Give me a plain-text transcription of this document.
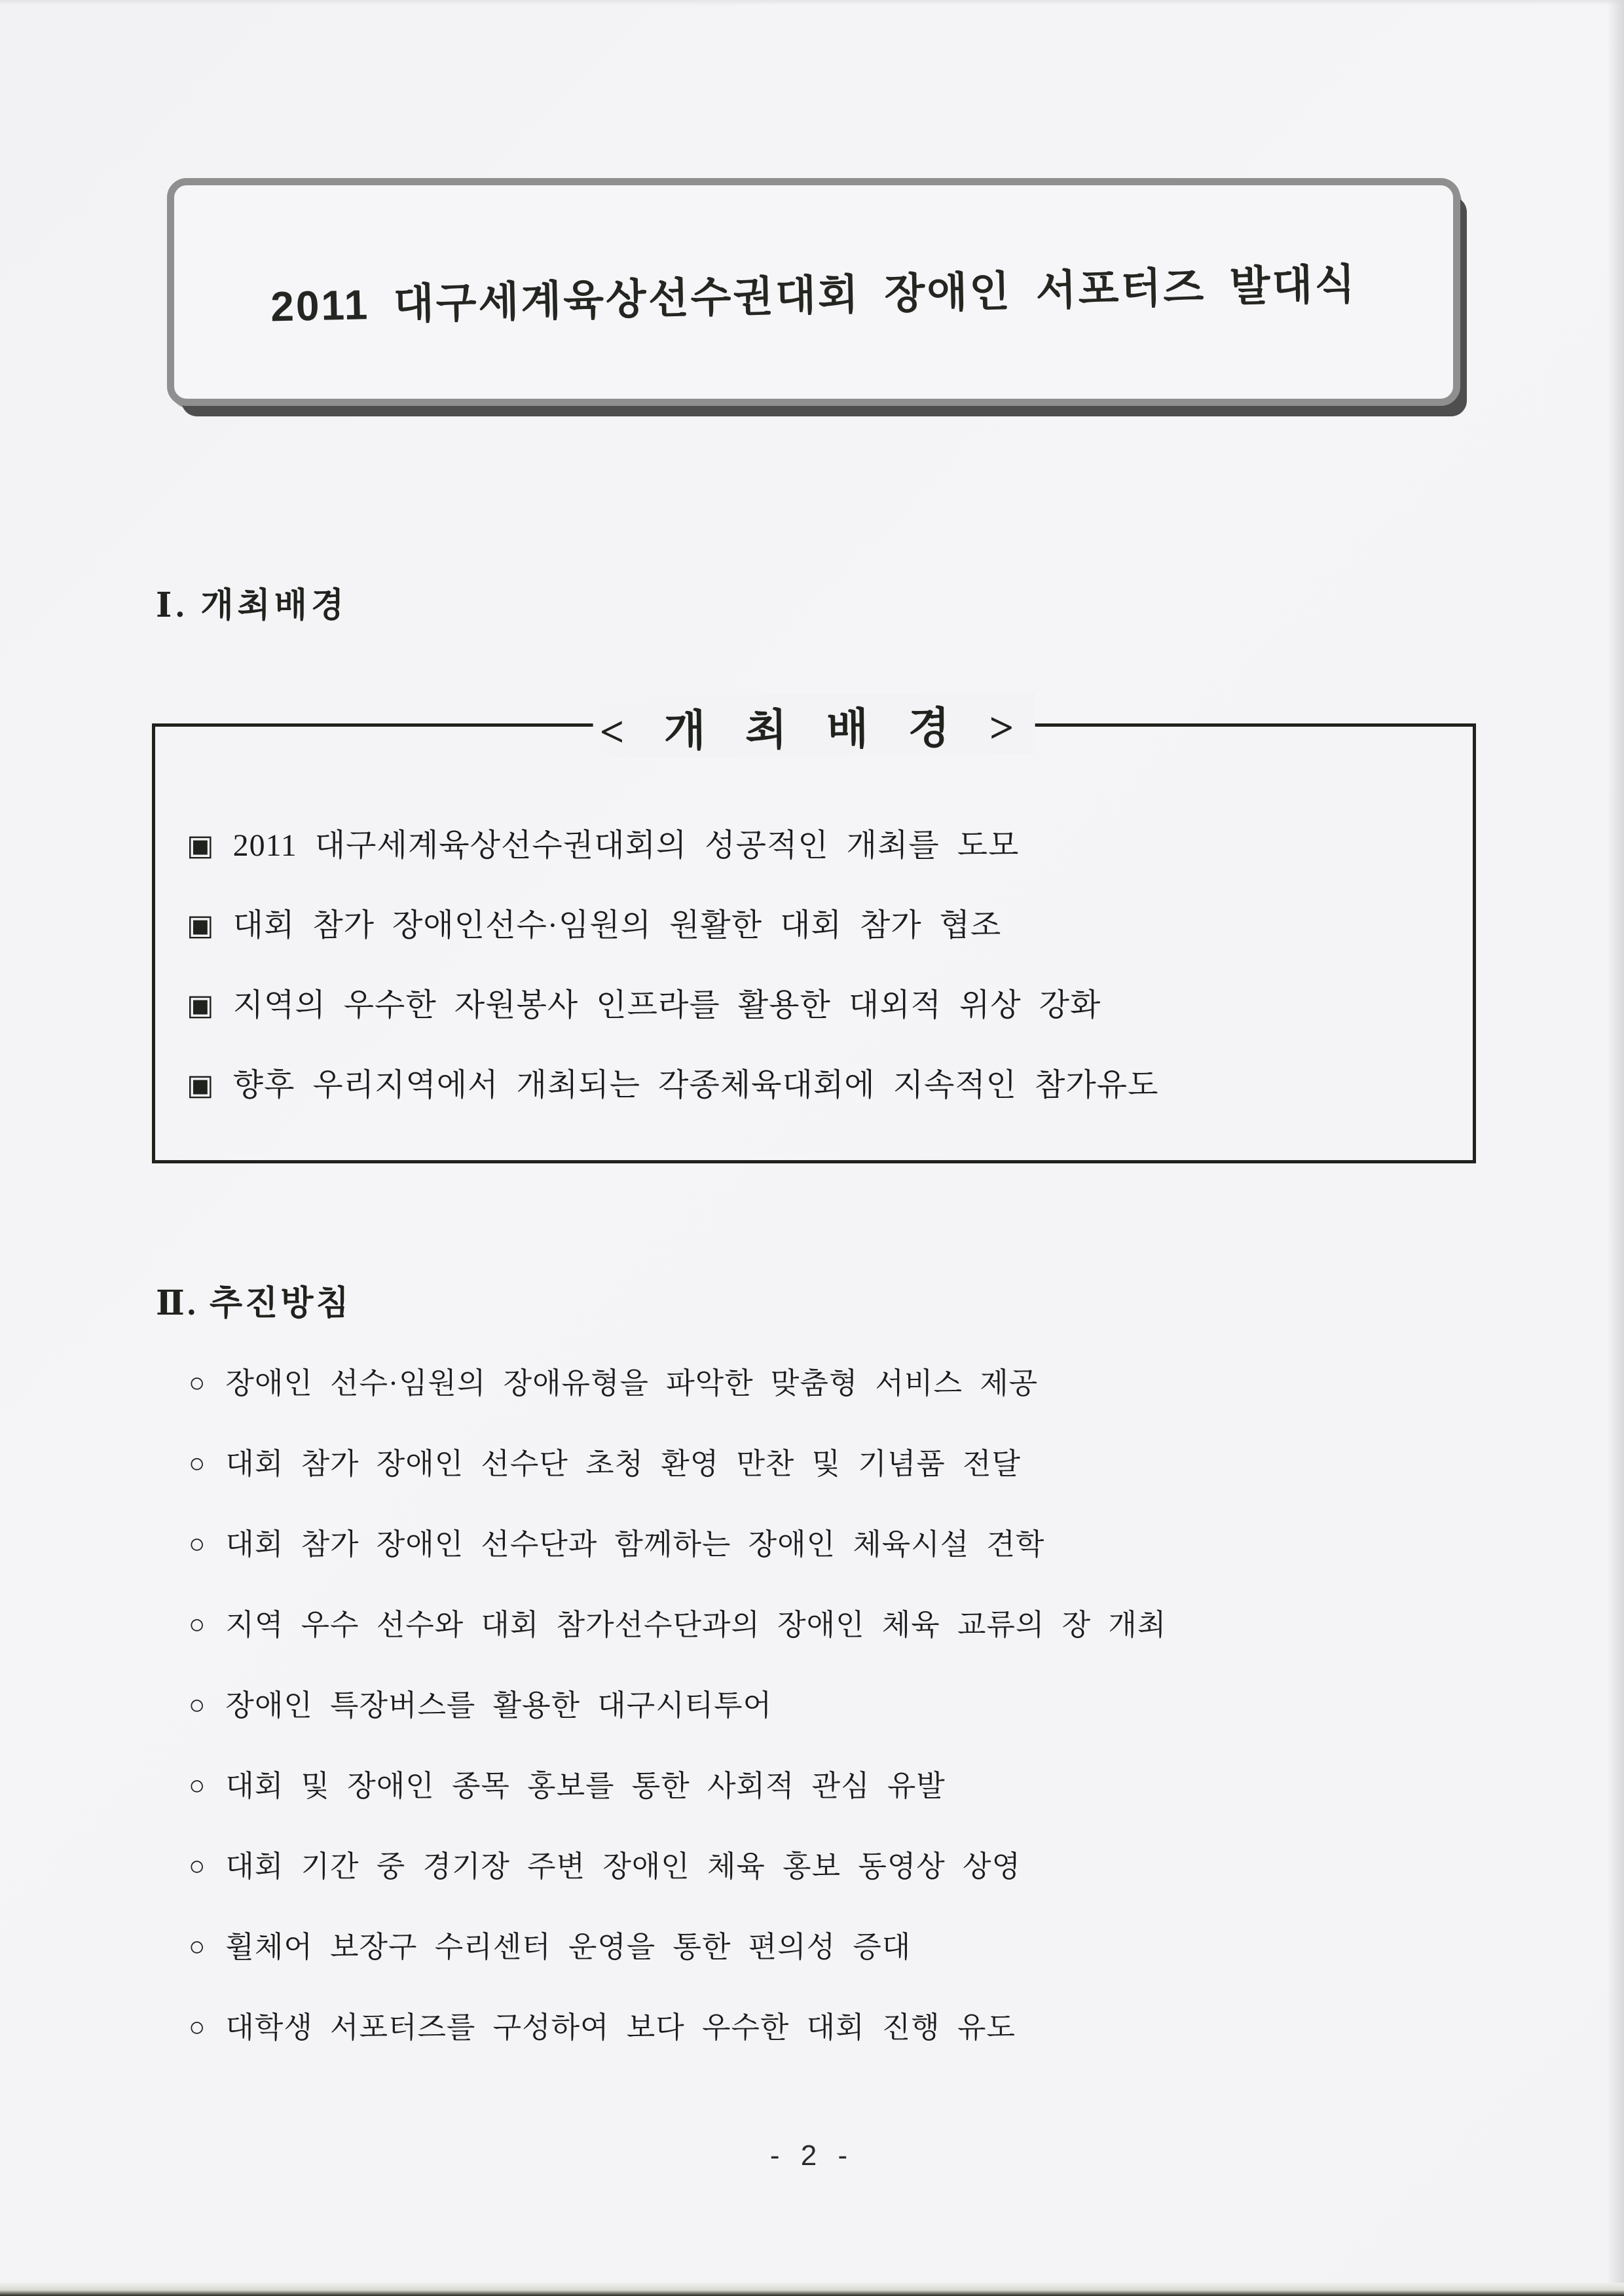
2011 대구세계육상선수권대회 장애인 서포터즈 발대식
Ⅰ. 개최배경
< 개 최 배 경 >
▣ 2011 대구세계육상선수권대회의 성공적인 개최를 도모
▣ 대회 참가 장애인선수·임원의 원활한 대회 참가 협조
▣ 지역의 우수한 자원봉사 인프라를 활용한 대외적 위상 강화
▣ 향후 우리지역에서 개최되는 각종체육대회에 지속적인 참가유도
Ⅱ. 추진방침
○ 장애인 선수·임원의 장애유형을 파악한 맞춤형 서비스 제공
○ 대회 참가 장애인 선수단 초청 환영 만찬 및 기념품 전달
○ 대회 참가 장애인 선수단과 함께하는 장애인 체육시설 견학
○ 지역 우수 선수와 대회 참가선수단과의 장애인 체육 교류의 장 개최
○ 장애인 특장버스를 활용한 대구시티투어
○ 대회 및 장애인 종목 홍보를 통한 사회적 관심 유발
○ 대회 기간 중 경기장 주변 장애인 체육 홍보 동영상 상영
○ 휠체어 보장구 수리센터 운영을 통한 편의성 증대
○ 대학생 서포터즈를 구성하여 보다 우수한 대회 진행 유도
- 2 -
